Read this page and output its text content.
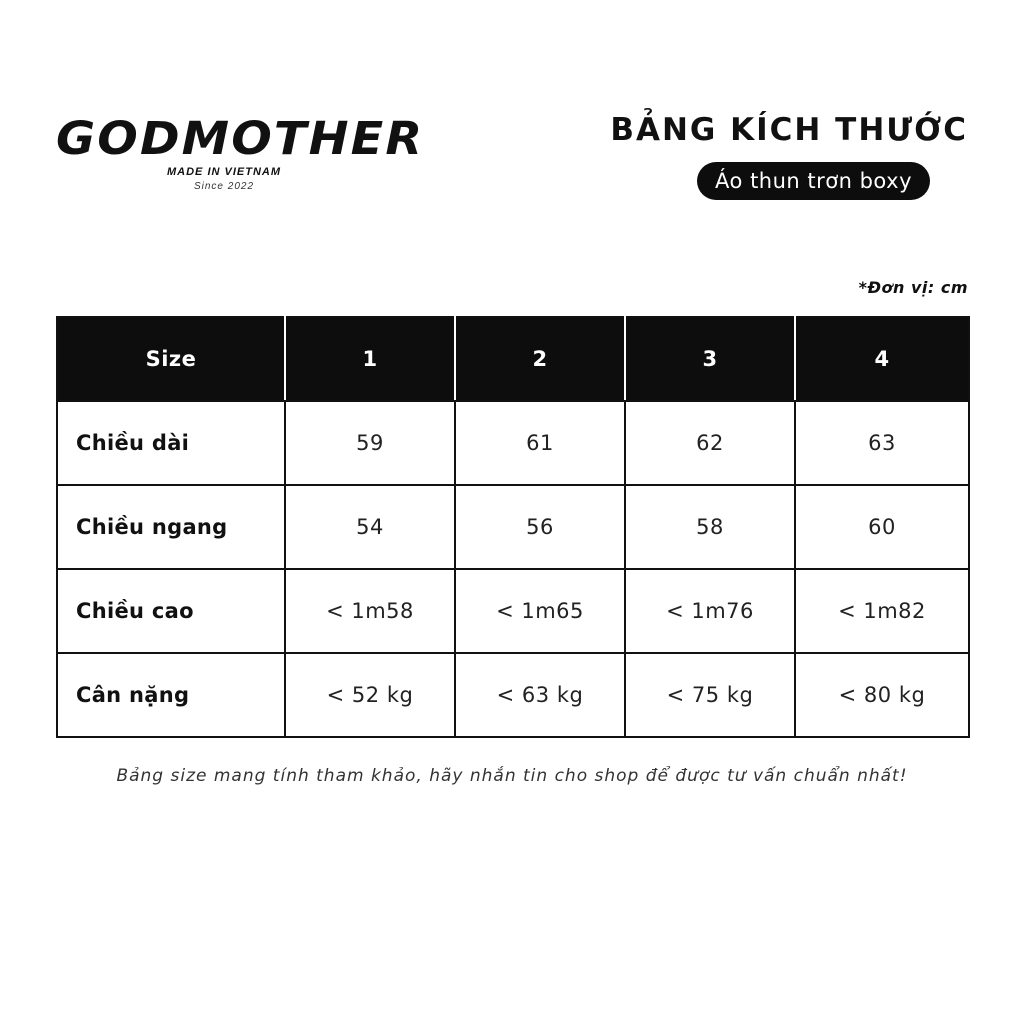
GODMOTHER
MADE IN VIETNAM
Since 2022
BẢNG KÍCH THƯỚC
Áo thun trơn boxy
*Đơn vị: cm
Size	1	2	3	4
Chiều dài	59	61	62	63
Chiều ngang	54	56	58	60
Chiều cao	< 1m58	< 1m65	< 1m76	< 1m82
Cân nặng	< 52 kg	< 63 kg	< 75 kg	< 80 kg
Bảng size mang tính tham khảo, hãy nhắn tin cho shop để được tư vấn chuẩn nhất!
